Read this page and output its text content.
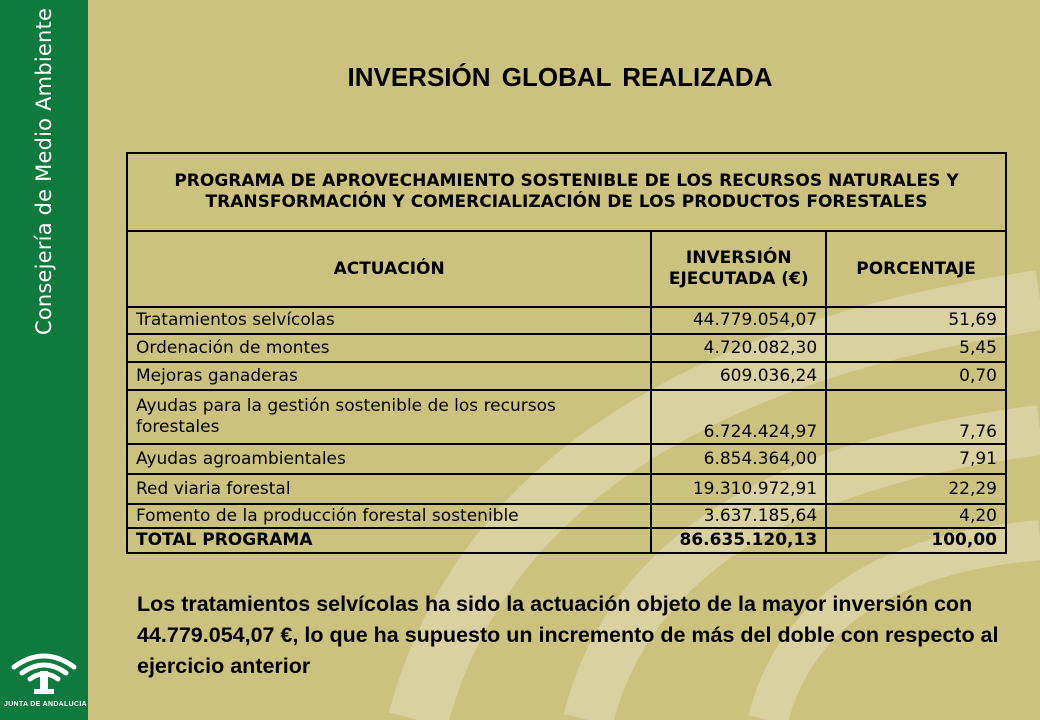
Consejería de Medio Ambiente
JUNTA DE ANDALUCIA
INVERSIÓN GLOBAL REALIZADA
PROGRAMA DE APROVECHAMIENTO SOSTENIBLE DE LOS RECURSOS NATURALES Y TRANSFORMACIÓN Y COMERCIALIZACIÓN DE LOS PRODUCTOS FORESTALES		
ACTUACIÓN	INVERSIÓN EJECUTADA (€)	PORCENTAJE
Tratamientos selvícolas	44.779.054,07	51,69
Ordenación de montes	4.720.082,30	5,45
Mejoras ganaderas	609.036,24	0,70
Ayudas para la gestión sostenible de los recursos forestales	6.724.424,97	7,76
Ayudas agroambientales	6.854.364,00	7,91
Red viaria forestal	19.310.972,91	22,29
Fomento de la producción forestal sostenible	3.637.185,64	4,20
TOTAL PROGRAMA	86.635.120,13	100,00
Los tratamientos selvícolas ha sido la actuación objeto de la mayor inversión con 44.779.054,07 €, lo que ha supuesto un incremento de más del doble con respecto al ejercicio anterior
